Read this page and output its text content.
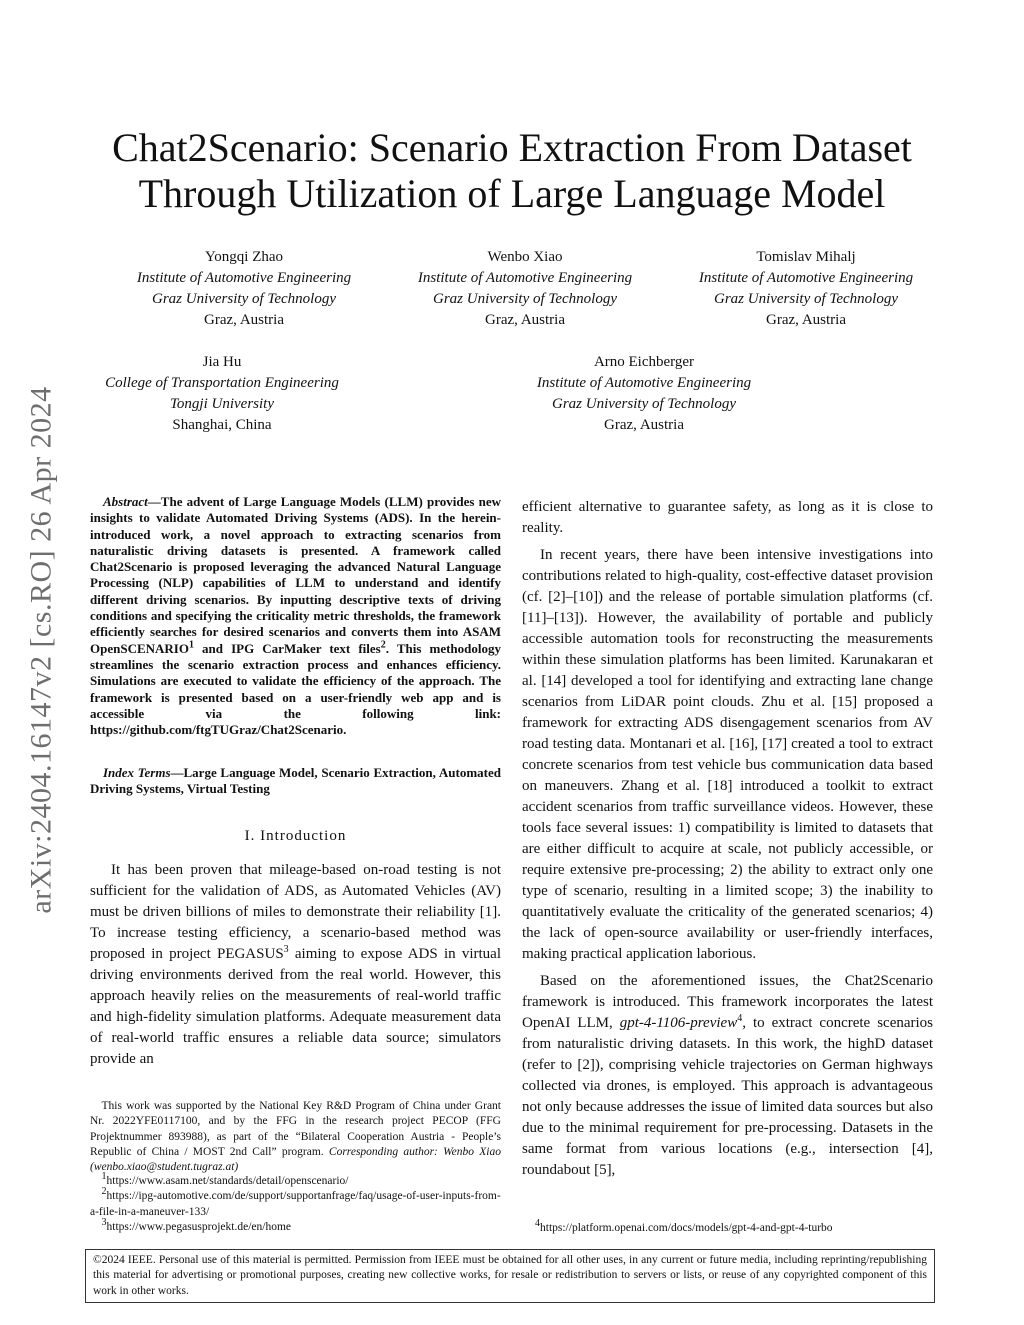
arXiv:2404.16147v2 [cs.RO] 26 Apr 2024
Chat2Scenario: Scenario Extraction From Dataset
Through Utilization of Large Language Model
Yongqi Zhao
Institute of Automotive Engineering
Graz University of Technology
Graz, Austria
Wenbo Xiao
Institute of Automotive Engineering
Graz University of Technology
Graz, Austria
Tomislav Mihalj
Institute of Automotive Engineering
Graz University of Technology
Graz, Austria
Jia Hu
College of Transportation Engineering
Tongji University
Shanghai, China
Arno Eichberger
Institute of Automotive Engineering
Graz University of Technology
Graz, Austria

Abstract—The advent of Large Language Models (LLM) provides new insights to validate Automated Driving Systems (ADS). In the herein-introduced work, a novel approach to extracting scenarios from naturalistic driving datasets is presented. A framework called Chat2Scenario is proposed leveraging the advanced Natural Language Processing (NLP) capabilities of LLM to understand and identify different driving scenarios. By inputting descriptive texts of driving conditions and specifying the criticality metric thresholds, the framework efficiently searches for desired scenarios and converts them into ASAM OpenSCENARIO$^1$ and IPG CarMaker text files$^2$. This methodology streamlines the scenario extraction process and enhances efficiency. Simulations are executed to validate the efficiency of the approach. The framework is presented based on a user-friendly web app and is accessible via the following link: https://github.com/ftgTUGraz/Chat2Scenario.

Index Terms—Large Language Model, Scenario Extraction, Automated Driving Systems, Virtual Testing

I. Introduction

It has been proven that mileage-based on-road testing is not sufficient for the validation of ADS, as Automated Vehicles (AV) must be driven billions of miles to demonstrate their reliability [1]. To increase testing efficiency, a scenario-based method was proposed in project PEGASUS$^3$ aiming to expose ADS in virtual driving environments derived from the real world. However, this approach heavily relies on the measurements of real-world traffic and high-fidelity simulation platforms. Adequate measurement data of real-world traffic ensures a reliable data source; simulators provide an

efficient alternative to guarantee safety, as long as it is close to reality.

In recent years, there have been intensive investigations into contributions related to high-quality, cost-effective dataset provision (cf. [2]–[10]) and the release of portable simulation platforms (cf. [11]–[13]). However, the availability of portable and publicly accessible automation tools for reconstructing the measurements within these simulation platforms has been limited. Karunakaran et al. [14] developed a tool for identifying and extracting lane change scenarios from LiDAR point clouds. Zhu et al. [15] proposed a framework for extracting ADS disengagement scenarios from AV road testing data. Montanari et al. [16], [17] created a tool to extract concrete scenarios from test vehicle bus communication data based on maneuvers. Zhang et al. [18] introduced a toolkit to extract accident scenarios from traffic surveillance videos. However, these tools face several issues: 1) compatibility is limited to datasets that are either difficult to acquire at scale, not publicly accessible, or require extensive pre-processing; 2) the ability to extract only one type of scenario, resulting in a limited scope; 3) the inability to quantitatively evaluate the criticality of the generated scenarios; 4) the lack of open-source availability or user-friendly interfaces, making practical application laborious.

Based on the aforementioned issues, the Chat2Scenario framework is introduced. This framework incorporates the latest OpenAI LLM, gpt-4-1106-preview$^4$, to extract concrete scenarios from naturalistic driving datasets. In this work, the highD dataset (refer to [2]), comprising vehicle trajectories on German highways collected via drones, is employed. This approach is advantageous not only because addresses the issue of limited data sources but also due to the minimal requirement for pre-processing. Datasets in the same format from various locations (e.g., intersection [4], roundabout [5],

This work was supported by the National Key R&D Program of China under Grant Nr. 2022YFE0117100, and by the FFG in the research project PECOP (FFG Projektnummer 893988), as part of the “Bilateral Cooperation Austria - People’s Republic of China / MOST 2nd Call” program. Corresponding author: Wenbo Xiao (wenbo.xiao@student.tugraz.at)

$^1$https://www.asam.net/standards/detail/openscenario/
$^2$https://ipg-automotive.com/de/support/supportanfrage/faq/usage-of-user-inputs-from-a-file-in-a-maneuver-133/
$^3$https://www.pegasusprojekt.de/en/home	$^4$https://platform.openai.com/docs/models/gpt-4-and-gpt-4-turbo
©2024 IEEE. Personal use of this material is permitted. Permission from IEEE must be obtained for all other uses, in any current or future media, including reprinting/republishing this material for advertising or promotional purposes, creating new collective works, for resale or redistribution to servers or lists, or reuse of any copyrighted component of this work in other works.
